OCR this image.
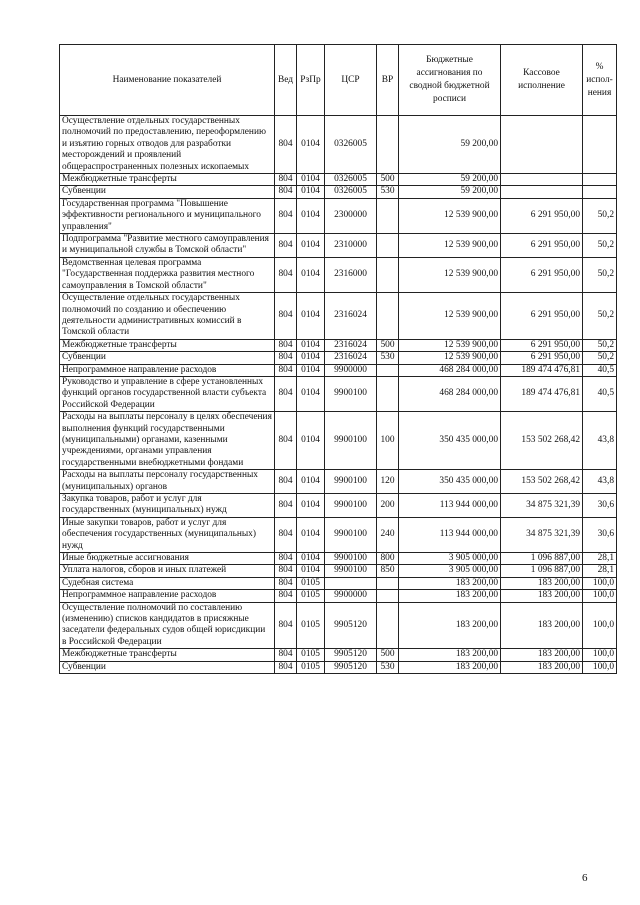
Наименование показателей	Вед	РзПр	ЦСР	ВР	Бюджетные ассигнования по сводной бюджетной росписи	Кассовое исполнение	% испол-нения
Осуществление отдельных государственных полномочий по предоставлению, переоформлению и изъятию горных отводов для разработки месторождений и проявлений общераспространенных полезных ископаемых	804	0104	0326005		59 200,00		
Межбюджетные трансферты	804	0104	0326005	500	59 200,00		
Субвенции	804	0104	0326005	530	59 200,00		
Государственная программа "Повышение эффективности регионального и муниципального управления"	804	0104	2300000		12 539 900,00	6 291 950,00	50,2
Подпрограмма "Развитие местного самоуправления и муниципальной службы в Томской области"	804	0104	2310000		12 539 900,00	6 291 950,00	50,2
Ведомственная целевая программа "Государственная поддержка развития местного самоуправления в Томской области"	804	0104	2316000		12 539 900,00	6 291 950,00	50,2
Осуществление отдельных государственных полномочий по созданию и обеспечению деятельности административных комиссий в Томской области	804	0104	2316024		12 539 900,00	6 291 950,00	50,2
Межбюджетные трансферты	804	0104	2316024	500	12 539 900,00	6 291 950,00	50,2
Субвенции	804	0104	2316024	530	12 539 900,00	6 291 950,00	50,2
Непрограммное направление расходов	804	0104	9900000		468 284 000,00	189 474 476,81	40,5
Руководство и управление в сфере установленных функций органов государственной власти субъекта Российской Федерации	804	0104	9900100		468 284 000,00	189 474 476,81	40,5
Расходы на выплаты персоналу в целях обеспечения выполнения функций государственными (муниципальными) органами, казенными учреждениями, органами управления государственными внебюджетными фондами	804	0104	9900100	100	350 435 000,00	153 502 268,42	43,8
Расходы на выплаты персоналу государственных (муниципальных) органов	804	0104	9900100	120	350 435 000,00	153 502 268,42	43,8
Закупка товаров, работ и услуг для государственных (муниципальных) нужд	804	0104	9900100	200	113 944 000,00	34 875 321,39	30,6
Иные закупки товаров, работ и услуг для обеспечения государственных (муниципальных) нужд	804	0104	9900100	240	113 944 000,00	34 875 321,39	30,6
Иные бюджетные ассигнования	804	0104	9900100	800	3 905 000,00	1 096 887,00	28,1
Уплата налогов, сборов и иных платежей	804	0104	9900100	850	3 905 000,00	1 096 887,00	28,1
Судебная система	804	0105			183 200,00	183 200,00	100,0
Непрограммное направление расходов	804	0105	9900000		183 200,00	183 200,00	100,0
Осуществление полномочий по составлению (изменению) списков кандидатов в присяжные заседатели федеральных судов общей юрисдикции в Российской Федерации	804	0105	9905120		183 200,00	183 200,00	100,0
Межбюджетные трансферты	804	0105	9905120	500	183 200,00	183 200,00	100,0
Субвенции	804	0105	9905120	530	183 200,00	183 200,00	100,0
6
